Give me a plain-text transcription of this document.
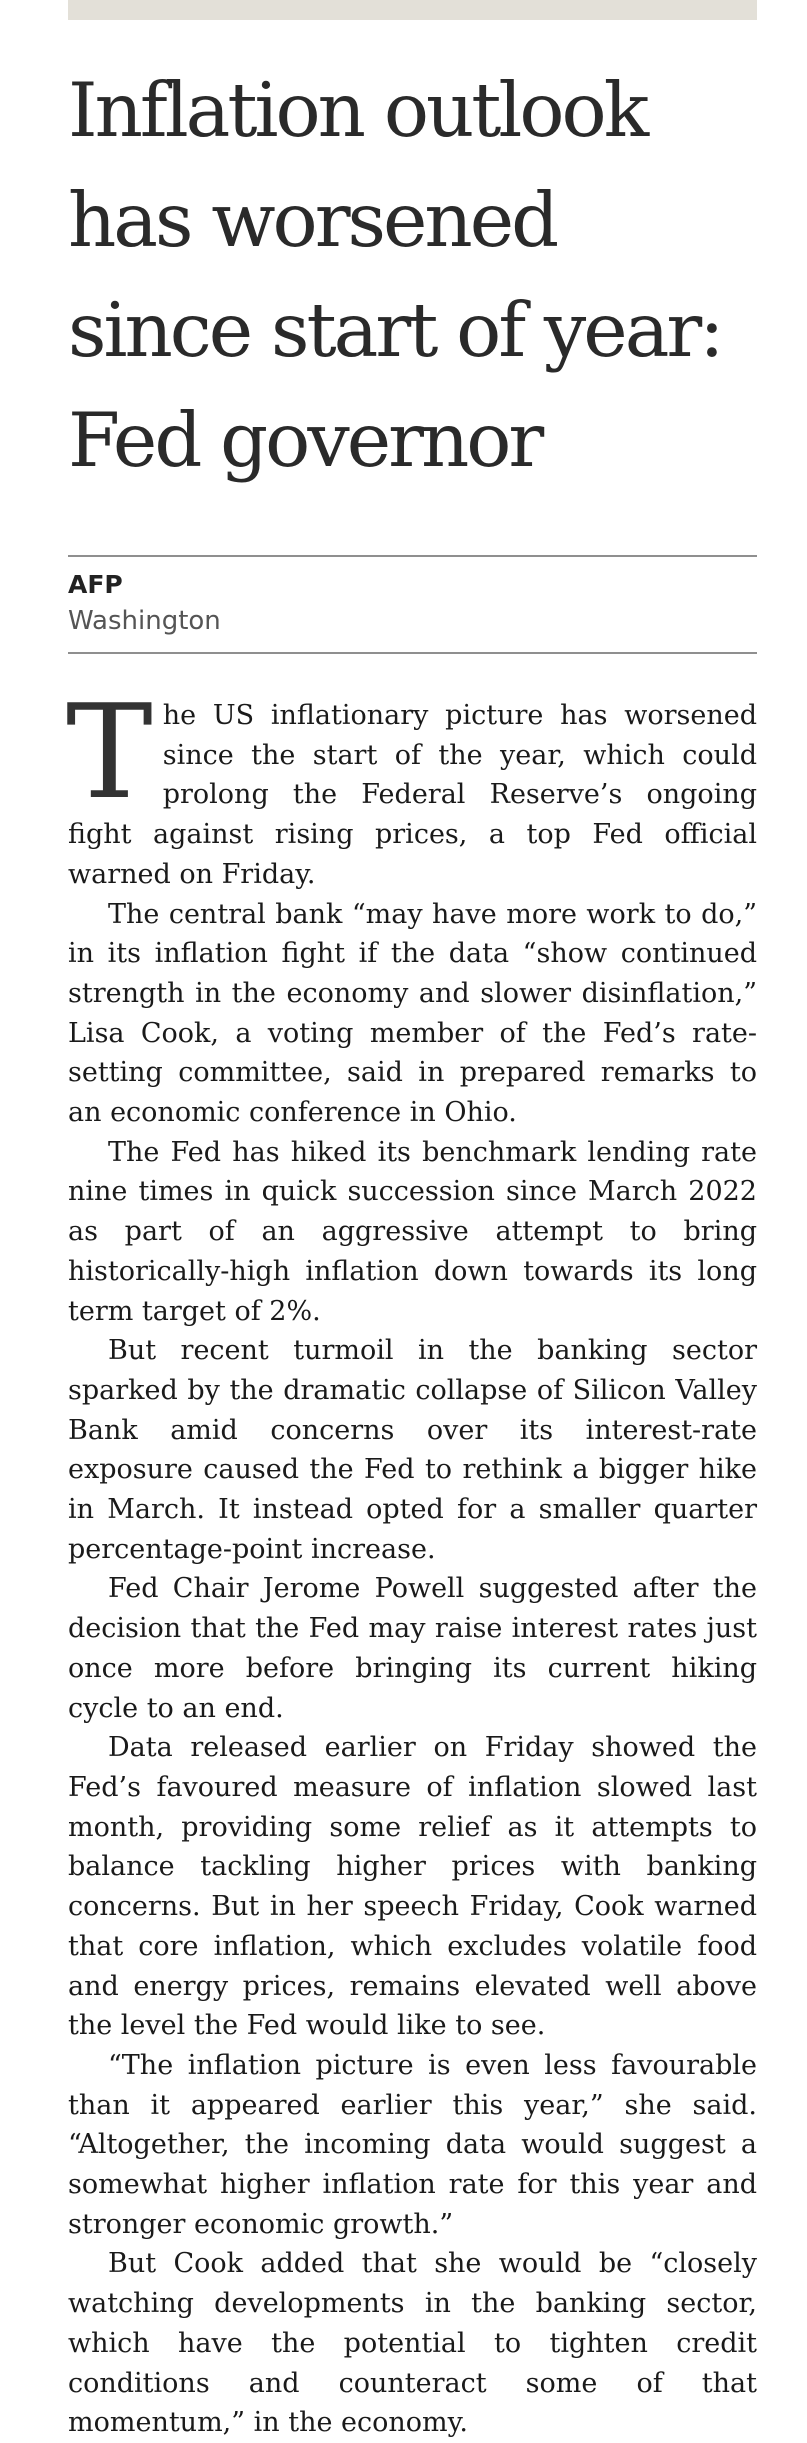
Inflation outlook
has worsened
since start of year:
Fed governor
AFP
Washington

The US inflationary picture has worsened since the start of the year, which could prolong the Federal Reserve’s ongoing fight against rising prices, a top Fed official warned on Friday.

The central bank “may have more work to do,” in its inflation fight if the data “show continued strength in the economy and slower disinflation,” Lisa Cook, a voting member of the Fed’s rate-setting committee, said in prepared remarks to an economic conference in Ohio.

The Fed has hiked its benchmark lending rate nine times in quick succession since March 2022 as part of an aggressive attempt to bring historically-high inflation down towards its long term target of 2%.

But recent turmoil in the banking sector sparked by the dramatic collapse of Silicon Valley Bank amid concerns over its interest-rate exposure caused the Fed to rethink a bigger hike in March. It instead opted for a smaller quarter percentage-point increase.

Fed Chair Jerome Powell suggested after the decision that the Fed may raise interest rates just once more before bringing its current hiking cycle to an end.

Data released earlier on Friday showed the Fed’s favoured measure of inflation slowed last month, providing some relief as it attempts to balance tackling higher prices with banking concerns. But in her speech Friday, Cook warned that core inflation, which excludes volatile food and energy prices, remains elevated well above the level the Fed would like to see.

“The inflation picture is even less favourable than it appeared earlier this year,” she said. “Altogether, the incoming data would suggest a somewhat higher inflation rate for this year and stronger economic growth.”

But Cook added that she would be “closely watching developments in the banking sector, which have the potential to tighten credit conditions and counteract some of that momentum,” in the economy.
